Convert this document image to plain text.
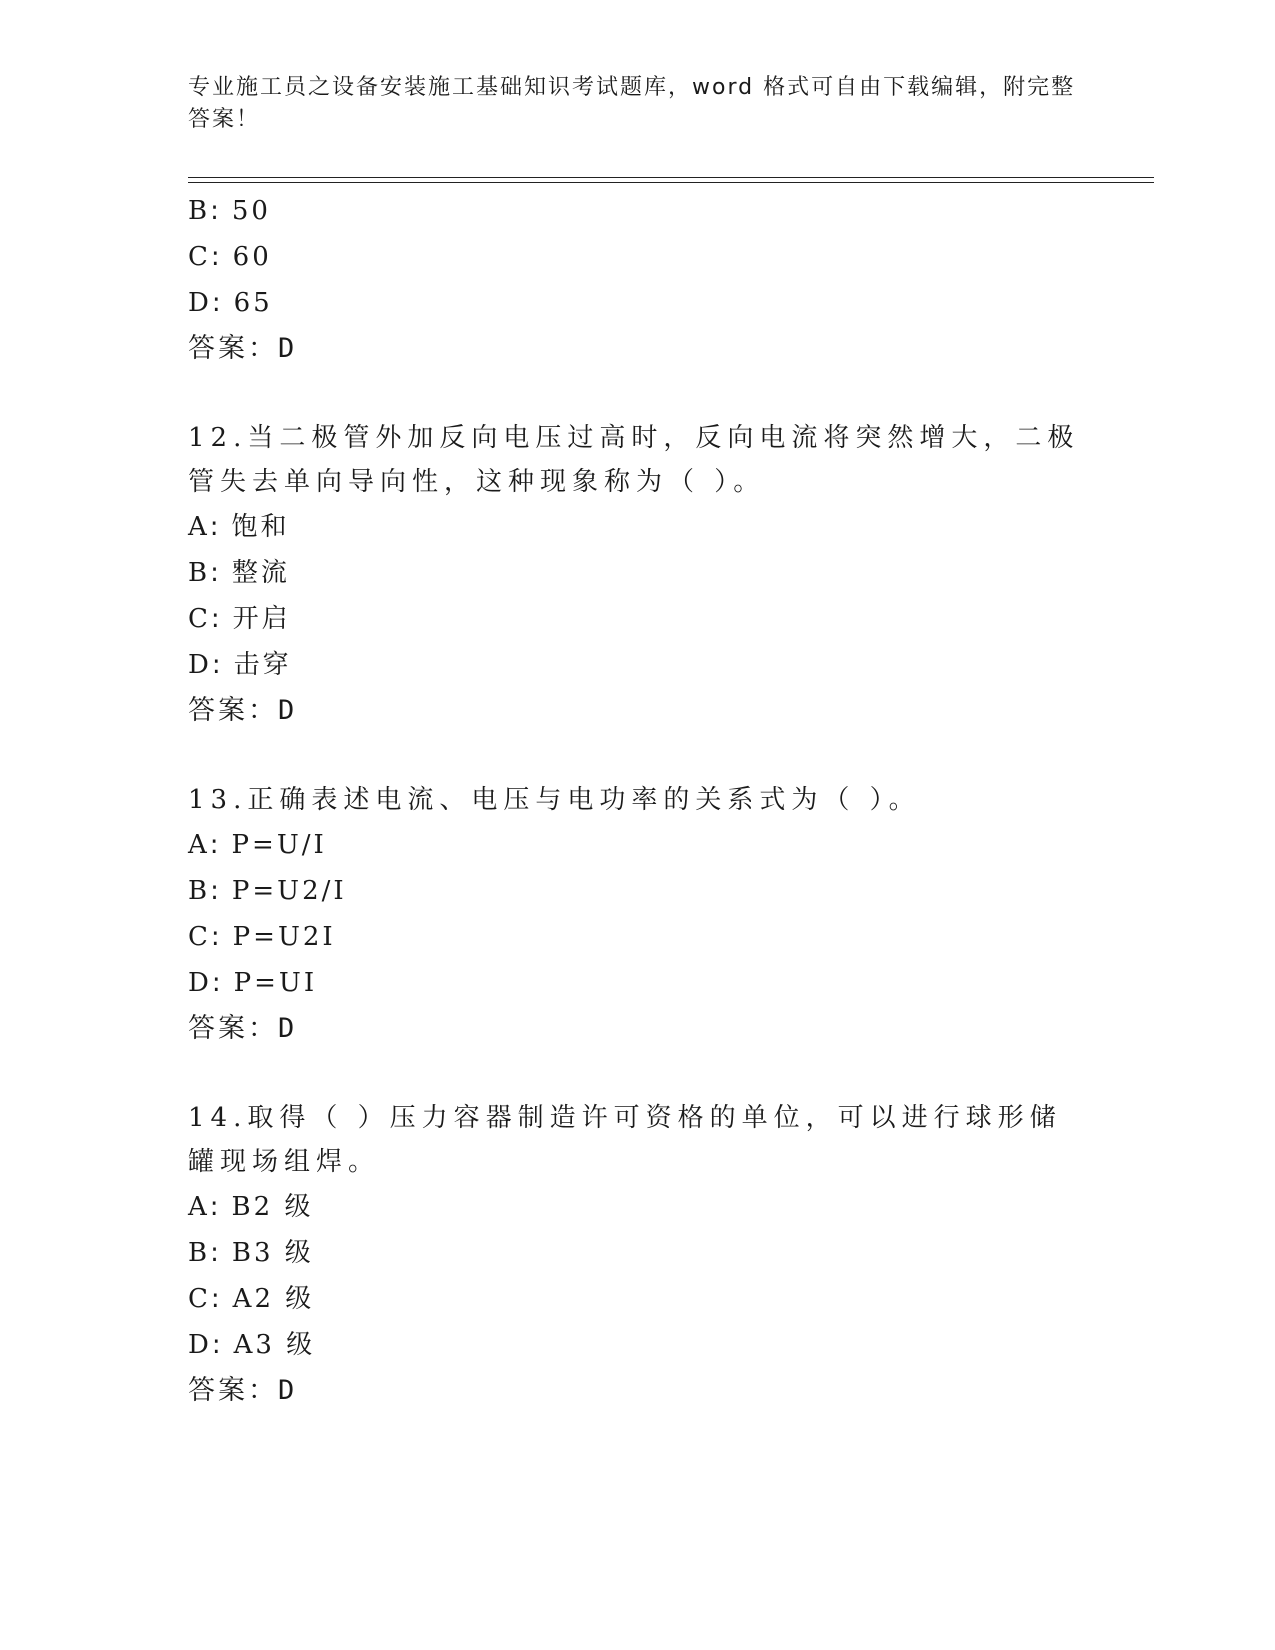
专业施工员之设备安装施工基础知识考试题库，word 格式可自由下载编辑，附完整答案！
B: 50
C: 60
D: 65
答案：D
12.当二极管外加反向电压过高时，反向电流将突然增大，二极管失去单向导向性，这种现象称为（ ）。
A: 饱和
B: 整流
C: 开启
D: 击穿
答案：D
13.正确表述电流、电压与电功率的关系式为（ ）。
A: P=U/I
B: P=U2/I
C: P=U2I
D: P=UI
答案：D
14.取得（ ）压力容器制造许可资格的单位，可以进行球形储罐现场组焊。
A: B2 级
B: B3 级
C: A2 级
D: A3 级
答案：D
